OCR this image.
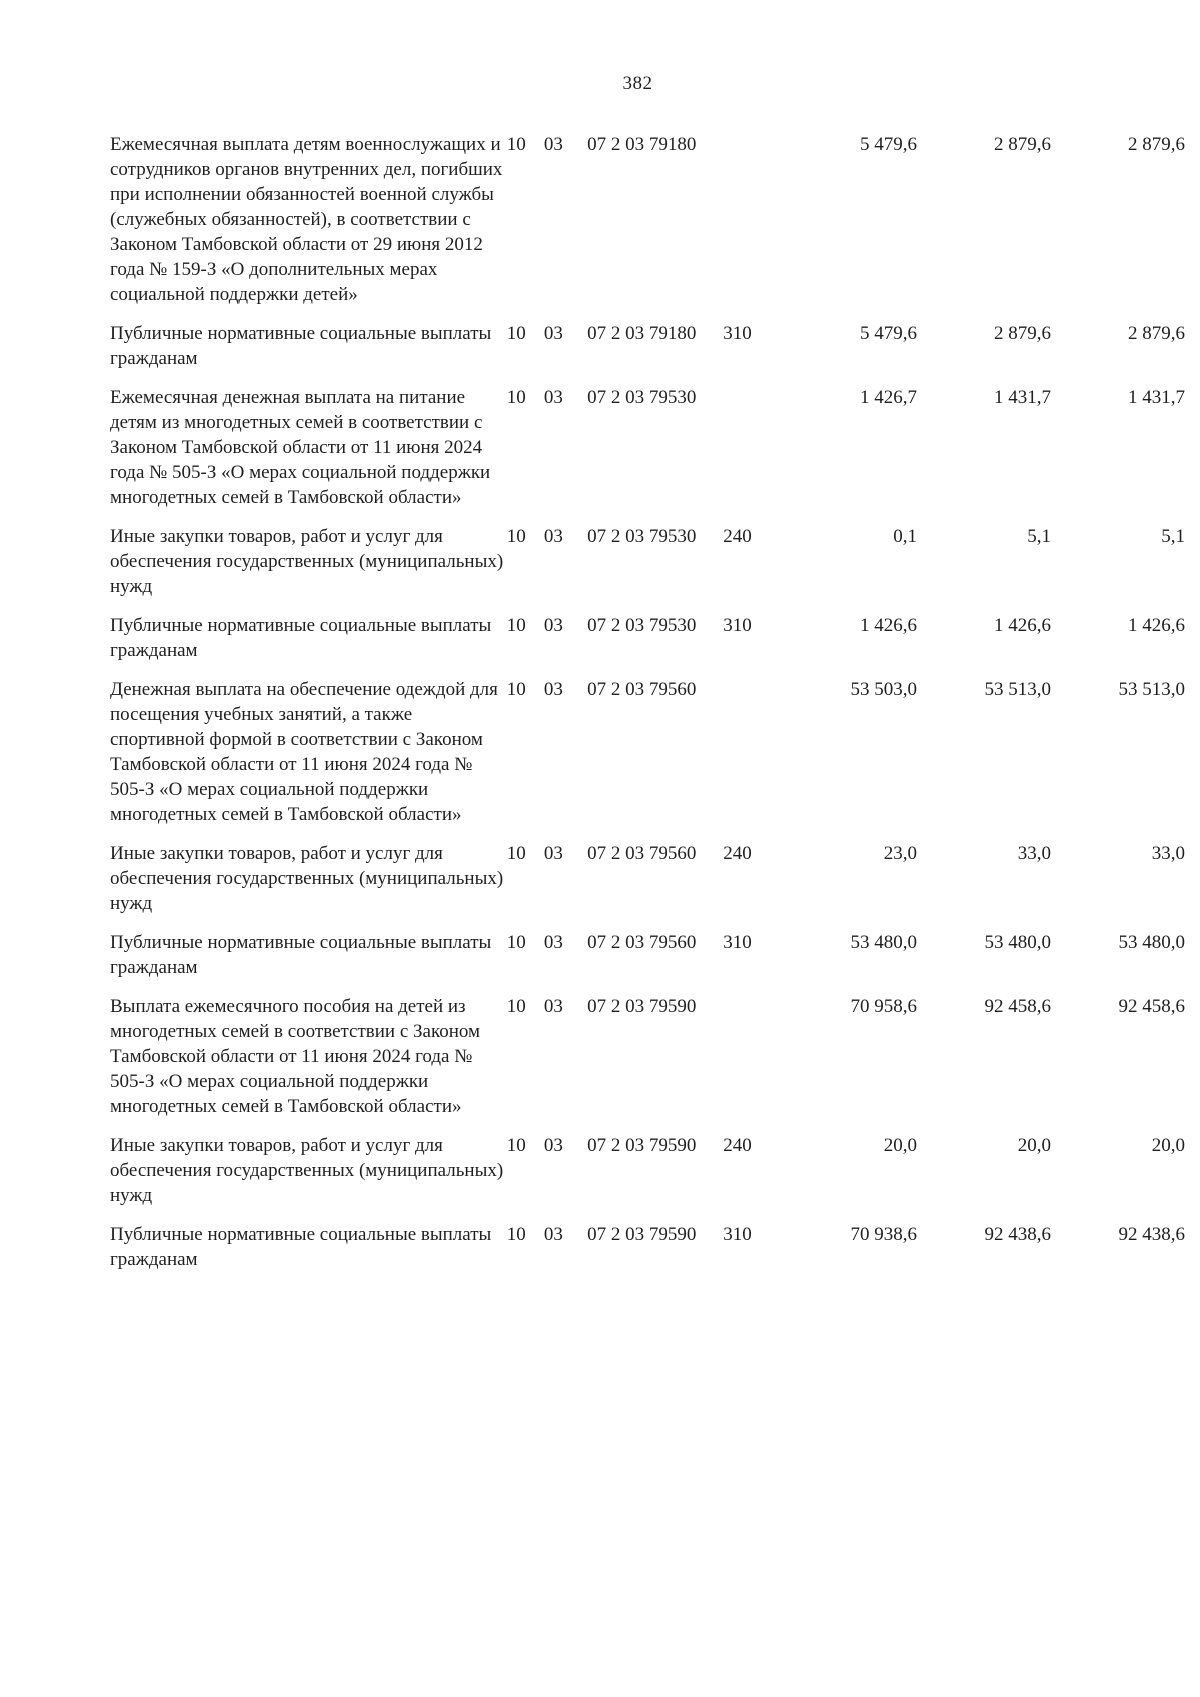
382
Ежемесячная выплата детям военнослужащих и сотрудников органов внутренних дел, погибших при исполнении обязанностей военной службы (служебных обязанностей), в соответствии с Законом Тамбовской области от 29 июня 2012 года № 159-З «О дополнительных мерах социальной поддержки детей»	10	03	07 2 03 79180		5 479,6	2 879,6	2 879,6
Публичные нормативные социальные выплаты гражданам	10	03	07 2 03 79180	310	5 479,6	2 879,6	2 879,6
Ежемесячная денежная выплата на питание детям из многодетных семей в соответствии с Законом Тамбовской области от 11 июня 2024 года № 505-З «О мерах социальной поддержки многодетных семей в Тамбовской области»	10	03	07 2 03 79530		1 426,7	1 431,7	1 431,7
Иные закупки товаров, работ и услуг для обеспечения государственных (муниципальных) нужд	10	03	07 2 03 79530	240	0,1	5,1	5,1
Публичные нормативные социальные выплаты гражданам	10	03	07 2 03 79530	310	1 426,6	1 426,6	1 426,6
Денежная выплата на обеспечение одеждой для посещения учебных занятий, а также спортивной формой в соответствии с Законом Тамбовской области от 11 июня 2024 года № 505-З «О мерах социальной поддержки многодетных семей в Тамбовской области»	10	03	07 2 03 79560		53 503,0	53 513,0	53 513,0
Иные закупки товаров, работ и услуг для обеспечения государственных (муниципальных) нужд	10	03	07 2 03 79560	240	23,0	33,0	33,0
Публичные нормативные социальные выплаты гражданам	10	03	07 2 03 79560	310	53 480,0	53 480,0	53 480,0
Выплата ежемесячного пособия на детей из многодетных семей в соответствии с Законом Тамбовской области от 11 июня 2024 года № 505-З «О мерах социальной поддержки многодетных семей в Тамбовской области»	10	03	07 2 03 79590		70 958,6	92 458,6	92 458,6
Иные закупки товаров, работ и услуг для обеспечения государственных (муниципальных) нужд	10	03	07 2 03 79590	240	20,0	20,0	20,0
Публичные нормативные социальные выплаты гражданам	10	03	07 2 03 79590	310	70 938,6	92 438,6	92 438,6
